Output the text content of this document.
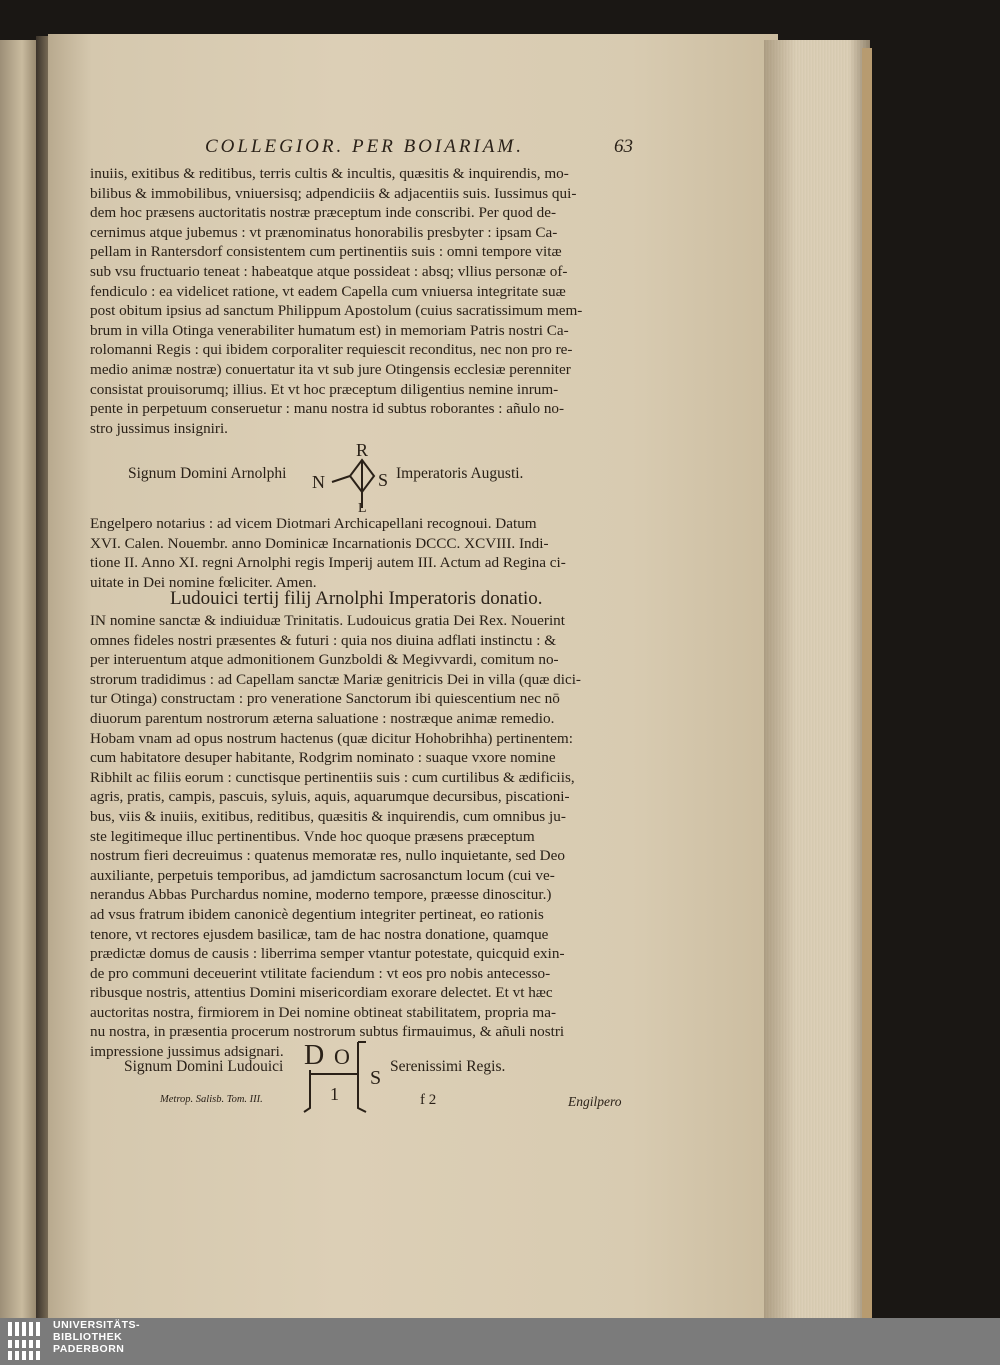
COLLEGIOR. PER BOIARIAM.	63
inuiis, exitibus & reditibus, terris cultis & incultis, quæsitis & inquirendis, mo-
bilibus & immobilibus, vniuersisq; adpendiciis & adjacentiis suis. Iussimus qui-
dem hoc præsens auctoritatis nostræ præceptum inde conscribi. Per quod de-
cernimus atque jubemus : vt prænominatus honorabilis presbyter : ipsam Ca-
pellam in Rantersdorf consistentem cum pertinentiis suis : omni tempore vitæ
sub vsu fructuario teneat : habeatque atque possideat : absq; vllius personæ of-
fendiculo : ea videlicet ratione, vt eadem Capella cum vniuersa integritate suæ
post obitum ipsius ad sanctum Philippum Apostolum (cuius sacratissimum mem-
brum in villa Otinga venerabiliter humatum est) in memoriam Patris nostri Ca-
rolomanni Regis : qui ibidem corporaliter requiescit reconditus, nec non pro re-
medio animæ nostræ) conuertatur ita vt sub jure Otingensis ecclesiæ perenniter
consistat prouisorumq; illius. Et vt hoc præceptum diligentius nemine inrum-
pente in perpetuum conseruetur : manu nostra id subtus roborantes : añulo no-
stro jussimus insigniri.
Signum Domini Arnolphi
R
N	S
L
Imperatoris Augusti.
Engelpero notarius : ad vicem Diotmari Archicapellani recognoui. Datum
XVI. Calen. Nouembr. anno Dominicæ Incarnationis DCCC. XCVIII. Indi-
tione II. Anno XI. regni Arnolphi regis Imperij autem III. Actum ad Regina ci-
uitate in Dei nomine fœliciter. Amen.
Ludouici tertij filij Arnolphi Imperatoris donatio.
IN nomine sanctæ & indiuiduæ Trinitatis. Ludouicus gratia Dei Rex. Nouerint
omnes fideles nostri præsentes & futuri : quia nos diuina adflati instinctu : &
per interuentum atque admonitionem Gunzboldi & Megivvardi, comitum no-
strorum tradidimus : ad Capellam sanctæ Mariæ genitricis Dei in villa (quæ dici-
tur Otinga) constructam : pro veneratione Sanctorum ibi quiescentium nec nō
diuorum parentum nostrorum æterna saluatione : nostræque animæ remedio.
Hobam vnam ad opus nostrum hactenus (quæ dicitur Hohobrihha) pertinentem:
cum habitatore desuper habitante, Rodgrim nominato : suaque vxore nomine
Ribhilt ac filiis eorum : cunctisque pertinentiis suis : cum curtilibus & ædificiis,
agris, pratis, campis, pascuis, syluis, aquis, aquarumque decursibus, piscationi-
bus, viis & inuiis, exitibus, reditibus, quæsitis & inquirendis, cum omnibus ju-
ste legitimeque illuc pertinentibus. Vnde hoc quoque præsens præceptum
nostrum fieri decreuimus : quatenus memoratæ res, nullo inquietante, sed Deo
auxiliante, perpetuis temporibus, ad jamdictum sacrosanctum locum (cui ve-
nerandus Abbas Purchardus nomine, moderno tempore, præesse dinoscitur.)
ad vsus fratrum ibidem canonicè degentium integriter pertineat, eo rationis
tenore, vt rectores ejusdem basilicæ, tam de hac nostra donatione, quamque
prædictæ domus de causis : liberrima semper vtantur potestate, quicquid exin-
de pro communi deceuerint vtilitate faciendum : vt eos pro nobis antecesso-
ribusque nostris, attentius Domini misericordiam exorare delectet. Et vt hæc
auctoritas nostra, firmiorem in Dei nomine obtineat stabilitatem, propria ma-
nu nostra, in præsentia procerum nostrorum subtus firmauimus, & añuli nostri
impressione jussimus adsignari.
Signum Domini Ludouici D O
S
1
Serenissimi Regis.
Metrop. Salisb. Tom. III.	f 2	Engilpero
UNIVERSITÄTS-
BIBLIOTHEK
PADERBORN
